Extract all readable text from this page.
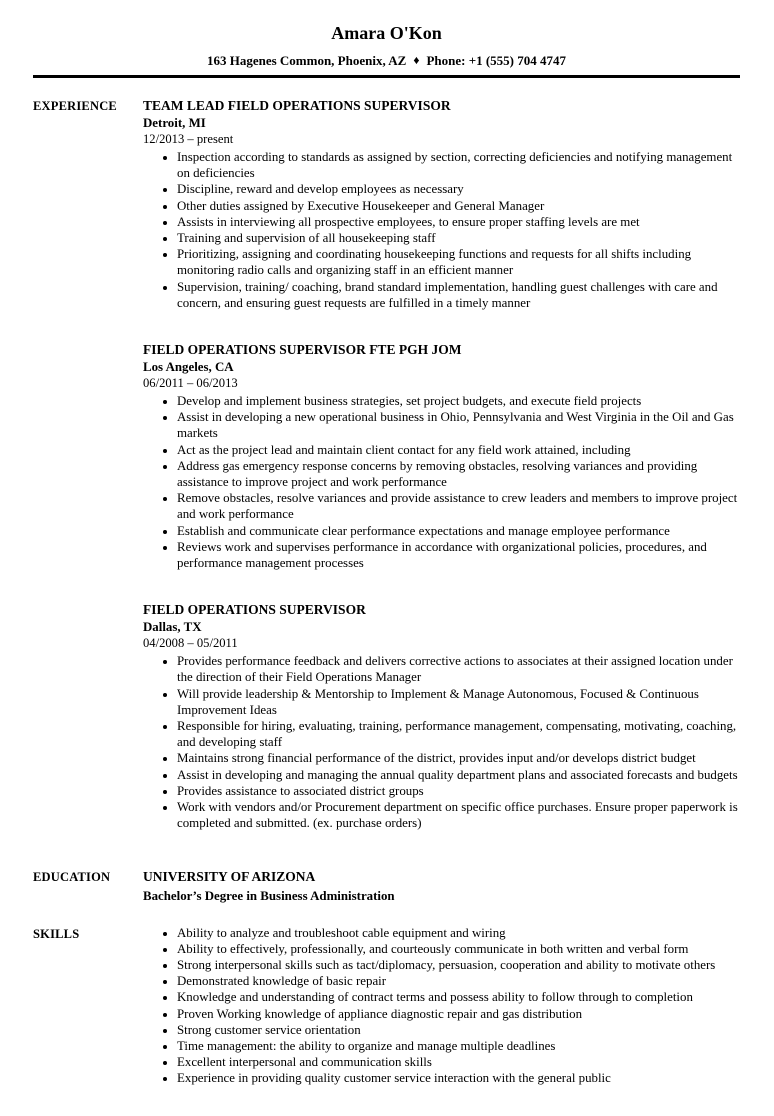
Amara O'Kon
163 Hagenes Common, Phoenix, AZ ♦ Phone: +1 (555) 704 4747
EXPERIENCE	TEAM LEAD FIELD OPERATIONS SUPERVISOR
Detroit, MI
12/2013 – present
• Inspection according to standards as assigned by section, correcting deficiencies and notifying management on deficiencies
• Discipline, reward and develop employees as necessary
• Other duties assigned by Executive Housekeeper and General Manager
• Assists in interviewing all prospective employees, to ensure proper staffing levels are met
• Training and supervision of all housekeeping staff
• Prioritizing, assigning and coordinating housekeeping functions and requests for all shifts including monitoring radio calls and organizing staff in an efficient manner
• Supervision, training/ coaching, brand standard implementation, handling guest challenges with care and concern, and ensuring guest requests are fulfilled in a timely manner
FIELD OPERATIONS SUPERVISOR FTE PGH JOM
Los Angeles, CA
06/2011 – 06/2013
• Develop and implement business strategies, set project budgets, and execute field projects
• Assist in developing a new operational business in Ohio, Pennsylvania and West Virginia in the Oil and Gas markets
• Act as the project lead and maintain client contact for any field work attained, including
• Address gas emergency response concerns by removing obstacles, resolving variances and providing assistance to improve project and work performance
• Remove obstacles, resolve variances and provide assistance to crew leaders and members to improve project and work performance
• Establish and communicate clear performance expectations and manage employee performance
• Reviews work and supervises performance in accordance with organizational policies, procedures, and performance management processes
FIELD OPERATIONS SUPERVISOR
Dallas, TX
04/2008 – 05/2011
• Provides performance feedback and delivers corrective actions to associates at their assigned location under the direction of their Field Operations Manager
• Will provide leadership & Mentorship to Implement & Manage Autonomous, Focused & Continuous Improvement Ideas
• Responsible for hiring, evaluating, training, performance management, compensating, motivating, coaching, and developing staff
• Maintains strong financial performance of the district, provides input and/or develops district budget
• Assist in developing and managing the annual quality department plans and associated forecasts and budgets
• Provides assistance to associated district groups
• Work with vendors and/or Procurement department on specific office purchases. Ensure proper paperwork is completed and submitted. (ex. purchase orders)
EDUCATION	UNIVERSITY OF ARIZONA
Bachelor’s Degree in Business Administration
SKILLS	• Ability to analyze and troubleshoot cable equipment and wiring
• Ability to effectively, professionally, and courteously communicate in both written and verbal form
• Strong interpersonal skills such as tact/diplomacy, persuasion, cooperation and ability to motivate others
• Demonstrated knowledge of basic repair
• Knowledge and understanding of contract terms and possess ability to follow through to completion
• Proven Working knowledge of appliance diagnostic repair and gas distribution
• Strong customer service orientation
• Time management: the ability to organize and manage multiple deadlines
• Excellent interpersonal and communication skills
• Experience in providing quality customer service interaction with the general public
